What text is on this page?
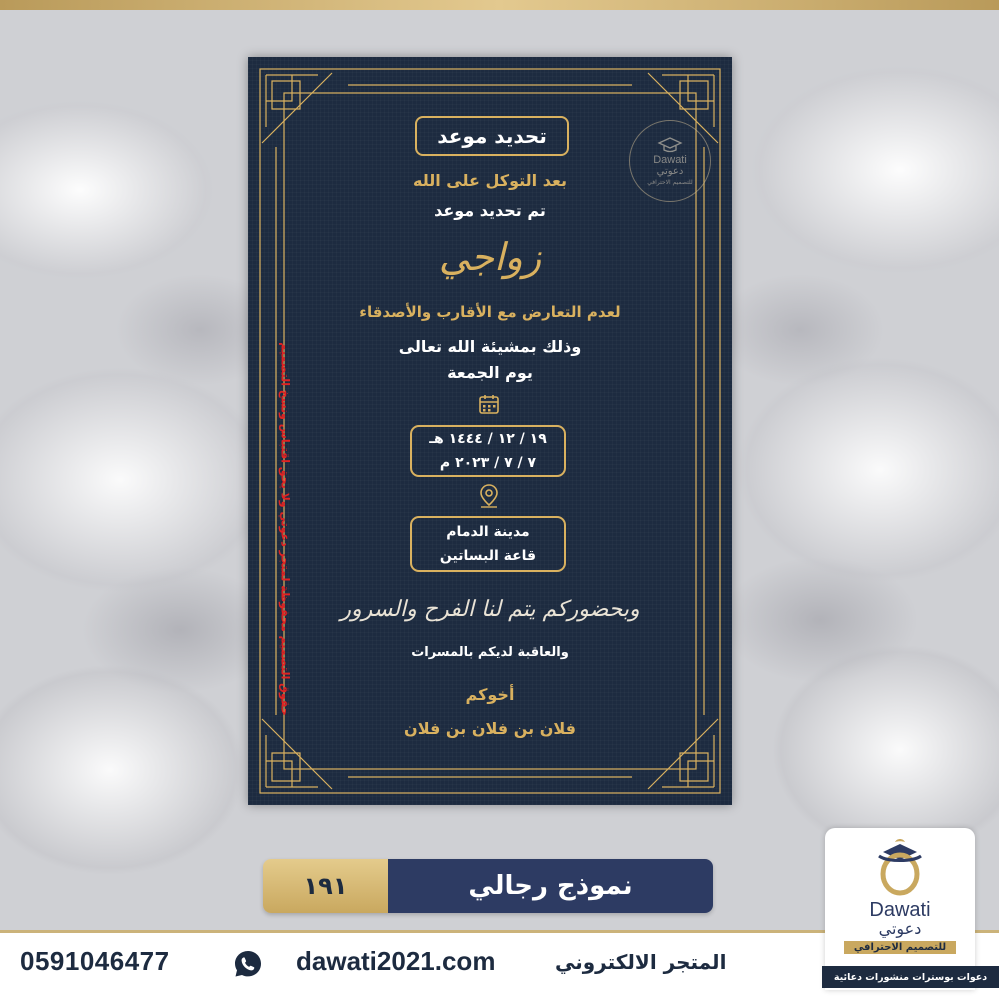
Dawati
دعوتي
للتصميم الاحترافي
تحديد موعد
بعد التوكل على الله
تم تحديد موعد
زواجي
لعدم التعارض مع الأقارب والأصدقاء
وذلك بمشيئة الله تعالى
يوم الجمعة
١٩ / ١٢ / ١٤٤٤ هـ
٧ / ٧ / ٢٠٢٣ م
مدينة الدمام
قاعة البساتين
وبحضوركم يتم لنا الفرح والسرور
والعاقبة لديكم بالمسرات
أخوكم
فلان بن فلان بن فلان
حقوق التصميم محفوظة لمتجر دعوتي ولا يحق اقتباس ونسخ التصميم
١٩١	نموذج رجالي
0591046477	dawati2021.com	المتجر الالكتروني
Dawati
دعوتي
للتصميم الاحترافي
دعوات بوسترات منشورات دعائية
